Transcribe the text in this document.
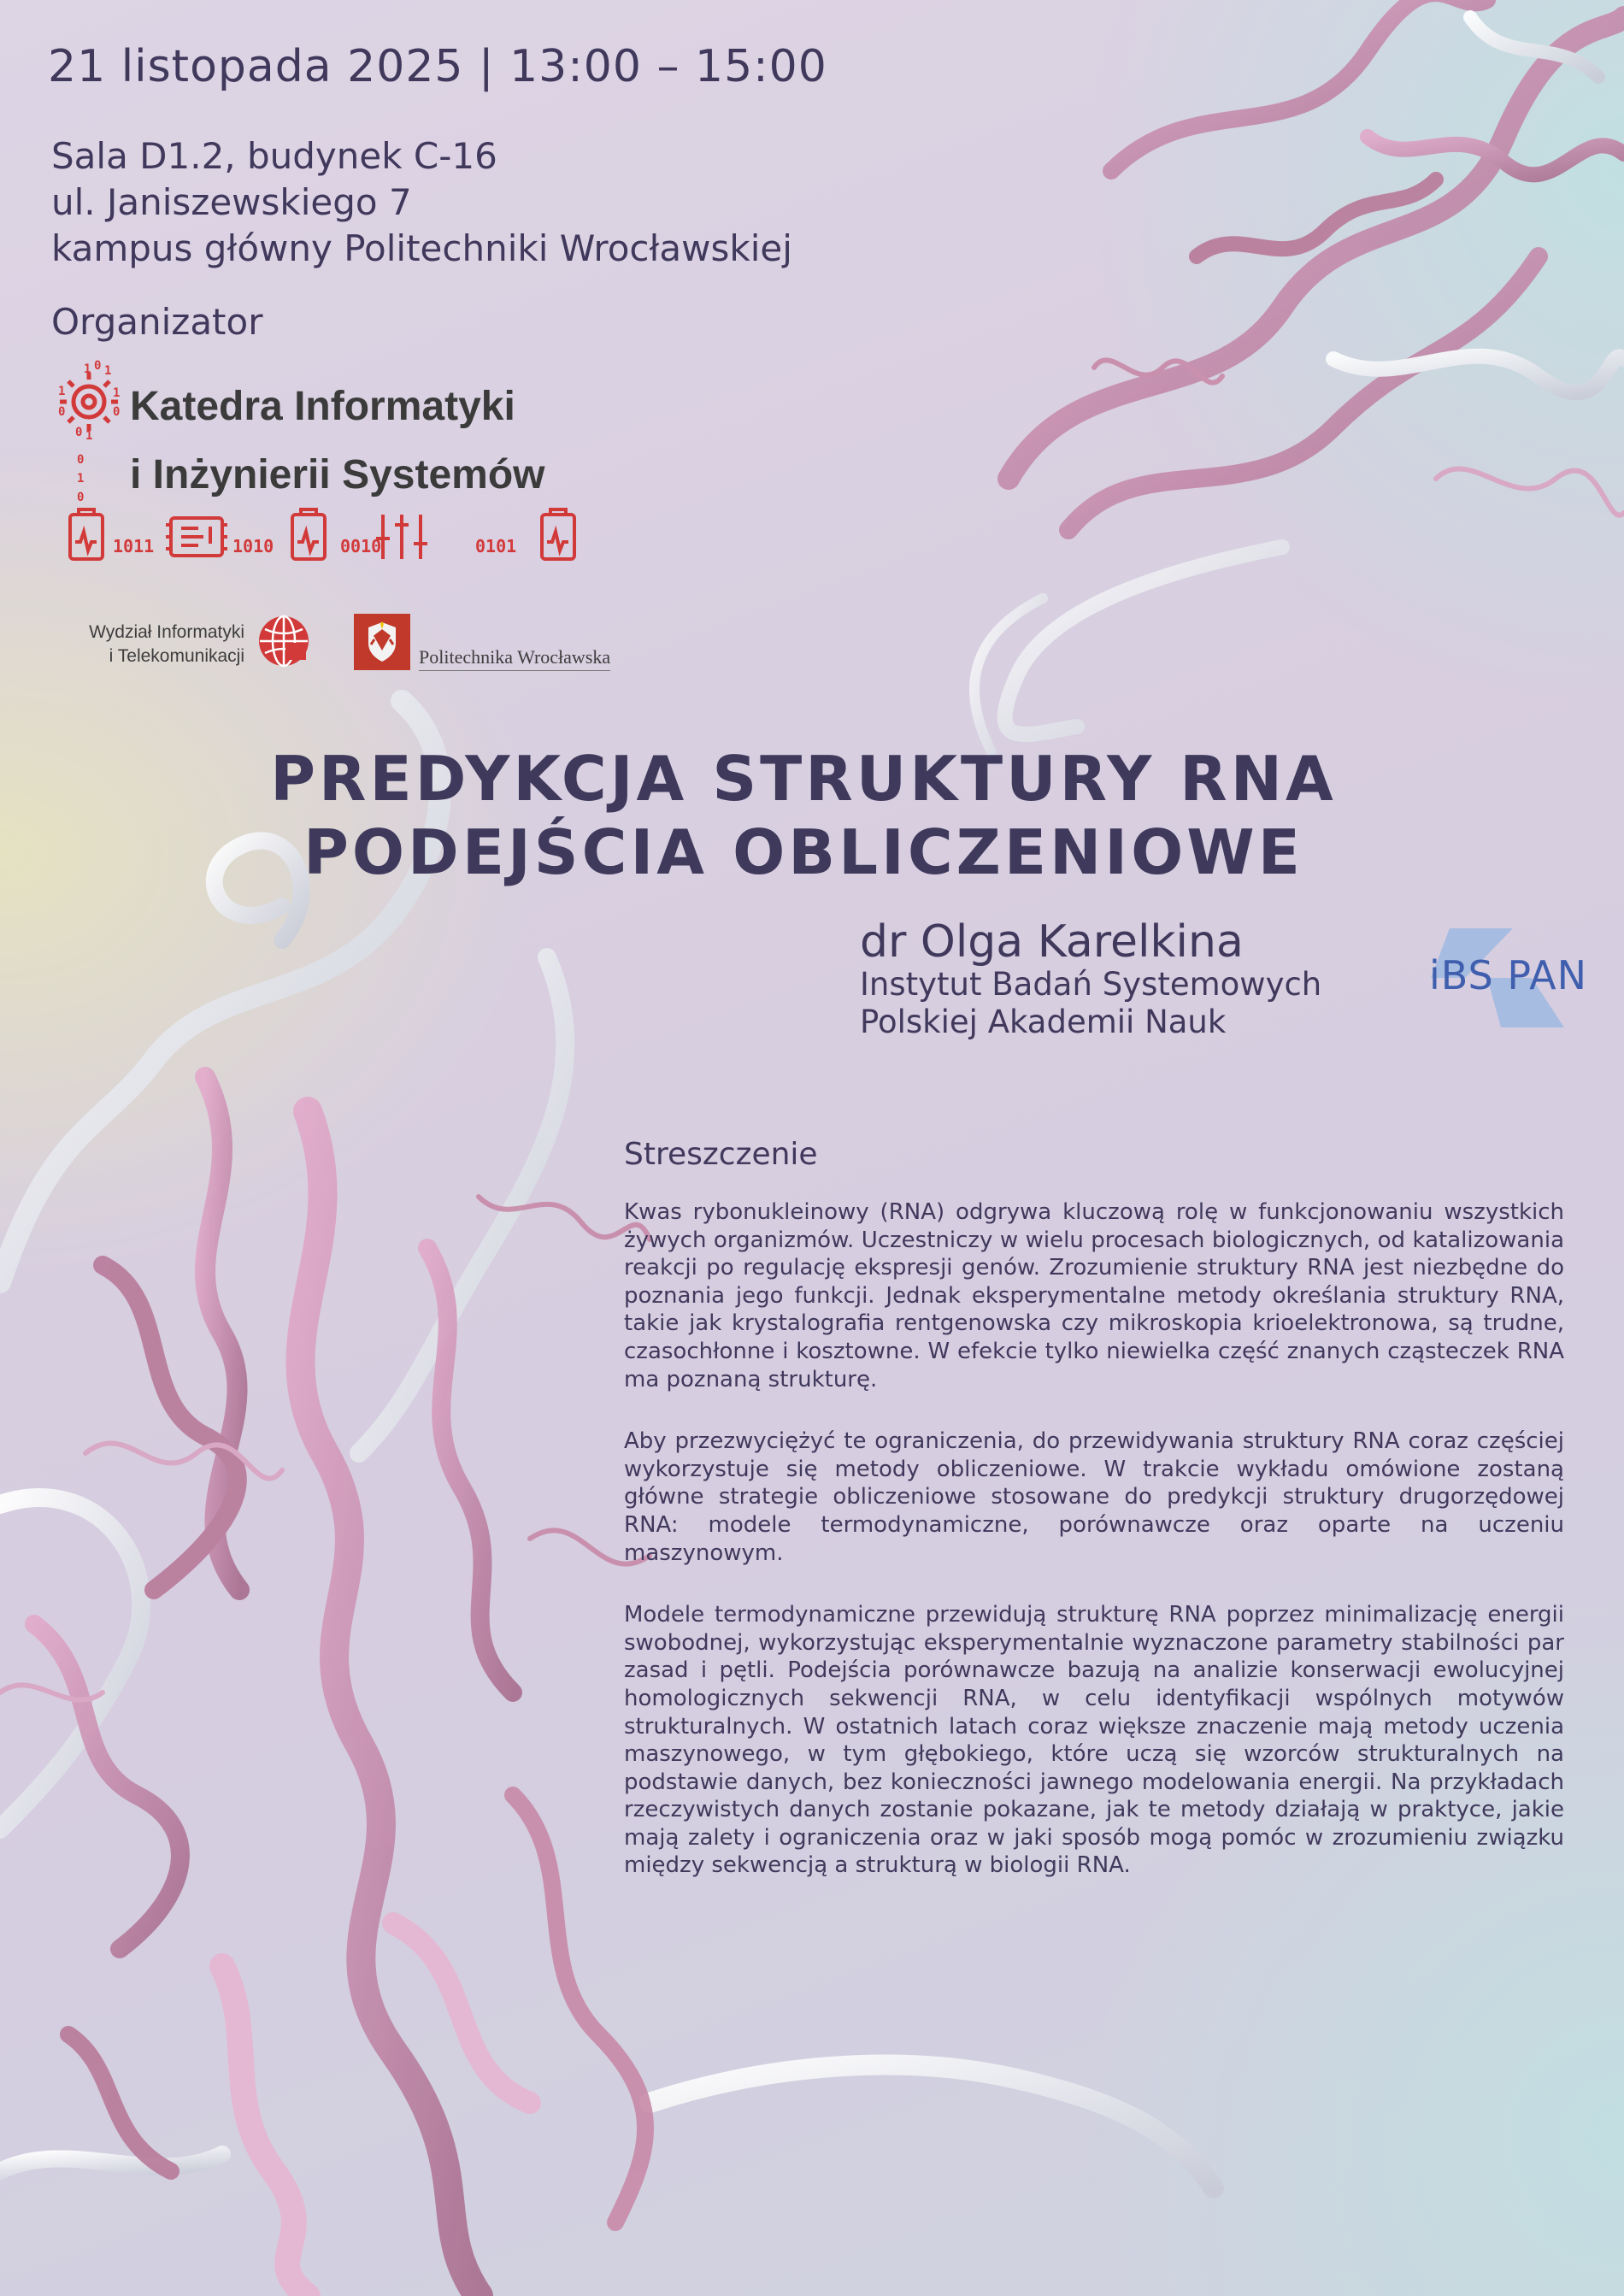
21 listopada 2025 | 13:00 – 15:00
Sala D1.2, budynek C-16
ul. Janiszewskiego 7
kampus główny Politechniki Wrocławskiej
Organizator
1 0 1
1
0
1
0
1
0
0
1
0
Katedra Informatyki
i Inżynierii Systemów
1011	1010	0010	0101
Wydział Informatyki
i Telekomunikacji	Politechnika Wrocławska
PREDYKCJA STRUKTURY RNA
PODEJŚCIA OBLICZENIOWE
dr Olga Karelkina
Instytut Badań Systemowych
Polskiej Akademii Nauk
iBS PAN
Streszczenie

Kwas rybonukleinowy (RNA) odgrywa kluczową rolę w funkcjonowaniu wszystkich żywych organizmów. Uczestniczy w wielu procesach biologicznych, od katalizowania reakcji po regulację ekspresji genów. Zrozumienie struktury RNA jest niezbędne do poznania jego funkcji. Jednak eksperymentalne metody określania struktury RNA, takie jak krystalografia rentgenowska czy mikroskopia krioelektronowa, są trudne, czasochłonne i kosztowne. W efekcie tylko niewielka część znanych cząsteczek RNA ma poznaną strukturę.

Aby przezwyciężyć te ograniczenia, do przewidywania struktury RNA coraz częściej wykorzystuje się metody obliczeniowe. W trakcie wykładu omówione zostaną główne strategie obliczeniowe stosowane do predykcji struktury drugorzędowej RNA: modele termodynamiczne, porównawcze oraz oparte na uczeniu maszynowym.

Modele termodynamiczne przewidują strukturę RNA poprzez minimalizację energii swobodnej, wykorzystując eksperymentalnie wyznaczone parametry stabilności par zasad i pętli. Podejścia porównawcze bazują na analizie konserwacji ewolucyjnej homologicznych sekwencji RNA, w celu identyfikacji wspólnych motywów strukturalnych. W ostatnich latach coraz większe znaczenie mają metody uczenia maszynowego, w tym głębokiego, które uczą się wzorców strukturalnych na podstawie danych, bez konieczności jawnego modelowania energii. Na przykładach rzeczywistych danych zostanie pokazane, jak te metody działają w praktyce, jakie mają zalety i ograniczenia oraz w jaki sposób mogą pomóc w zrozumieniu związku między sekwencją a strukturą w biologii RNA.
